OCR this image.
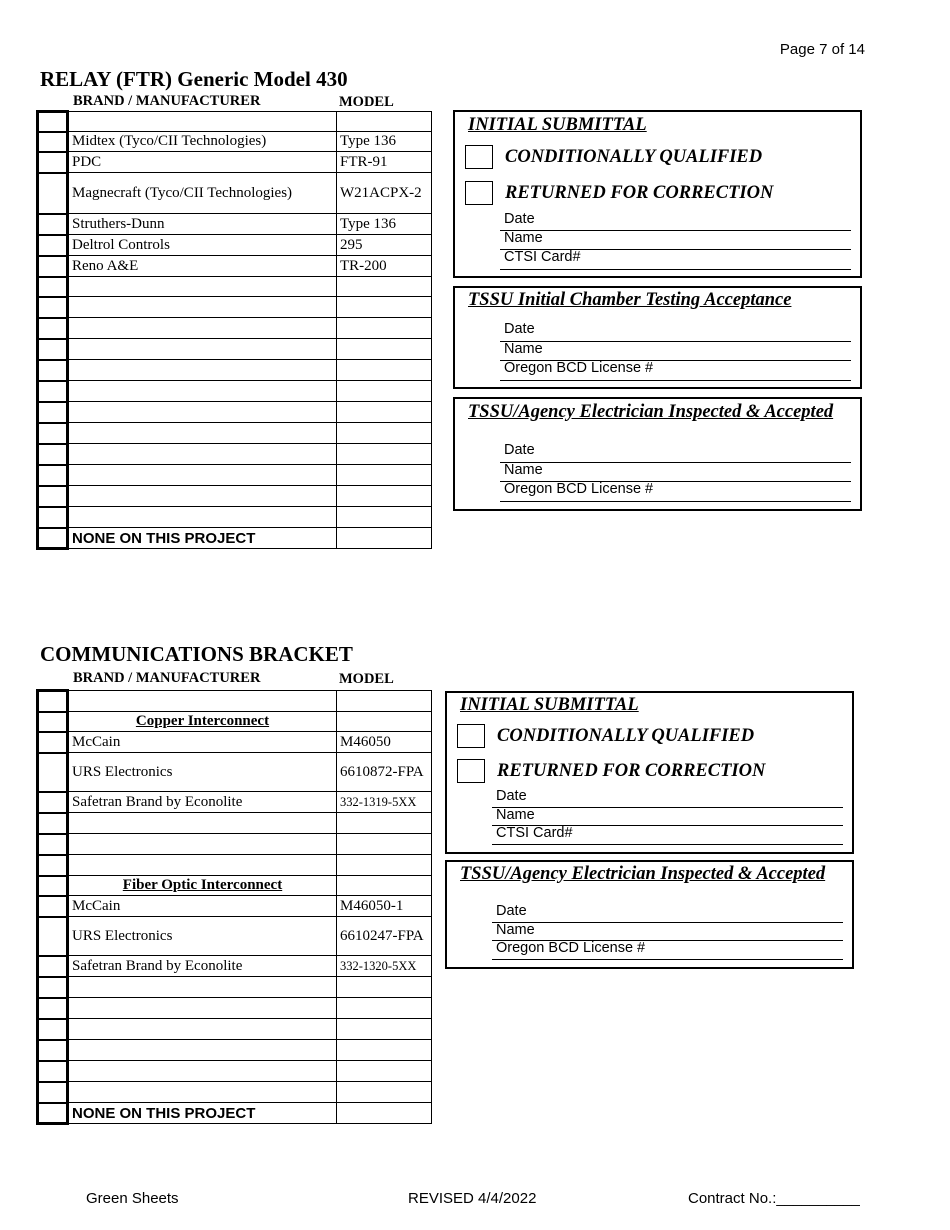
Page 7 of 14
RELAY (FTR) Generic Model 430
BRAND / MANUFACTURER	MODEL

	Midtex (Tyco/CII Technologies)	Type 136
	PDC	FTR-91
	Magnecraft (Tyco/CII Technologies)	W21ACPX-2
	Struthers-Dunn	Type 136
	Deltrol Controls	295
	Reno A&E	TR-200

	NONE ON THIS PROJECT	
INITIAL SUBMITTAL
CONDITIONALLY QUALIFIED
RETURNED FOR CORRECTION
Date
Name
CTSI Card#
TSSU Initial Chamber Testing Acceptance
Date
Name
Oregon BCD License #
TSSU/Agency Electrician Inspected & Accepted
Date
Name
Oregon BCD License #
COMMUNICATIONS BRACKET
BRAND / MANUFACTURER	MODEL

	Copper Interconnect	
	McCain	M46050
	URS Electronics	6610872-FPA
	Safetran Brand by Econolite	332-1319-5XX

	Fiber Optic Interconnect	
	McCain	M46050-1
	URS Electronics	6610247-FPA
	Safetran Brand by Econolite	332-1320-5XX

	NONE ON THIS PROJECT	
INITIAL SUBMITTAL
CONDITIONALLY QUALIFIED
RETURNED FOR CORRECTION
Date
Name
CTSI Card#
TSSU/Agency Electrician Inspected & Accepted
Date
Name
Oregon BCD License #
Green Sheets	REVISED 4/4/2022	Contract No.:__________
